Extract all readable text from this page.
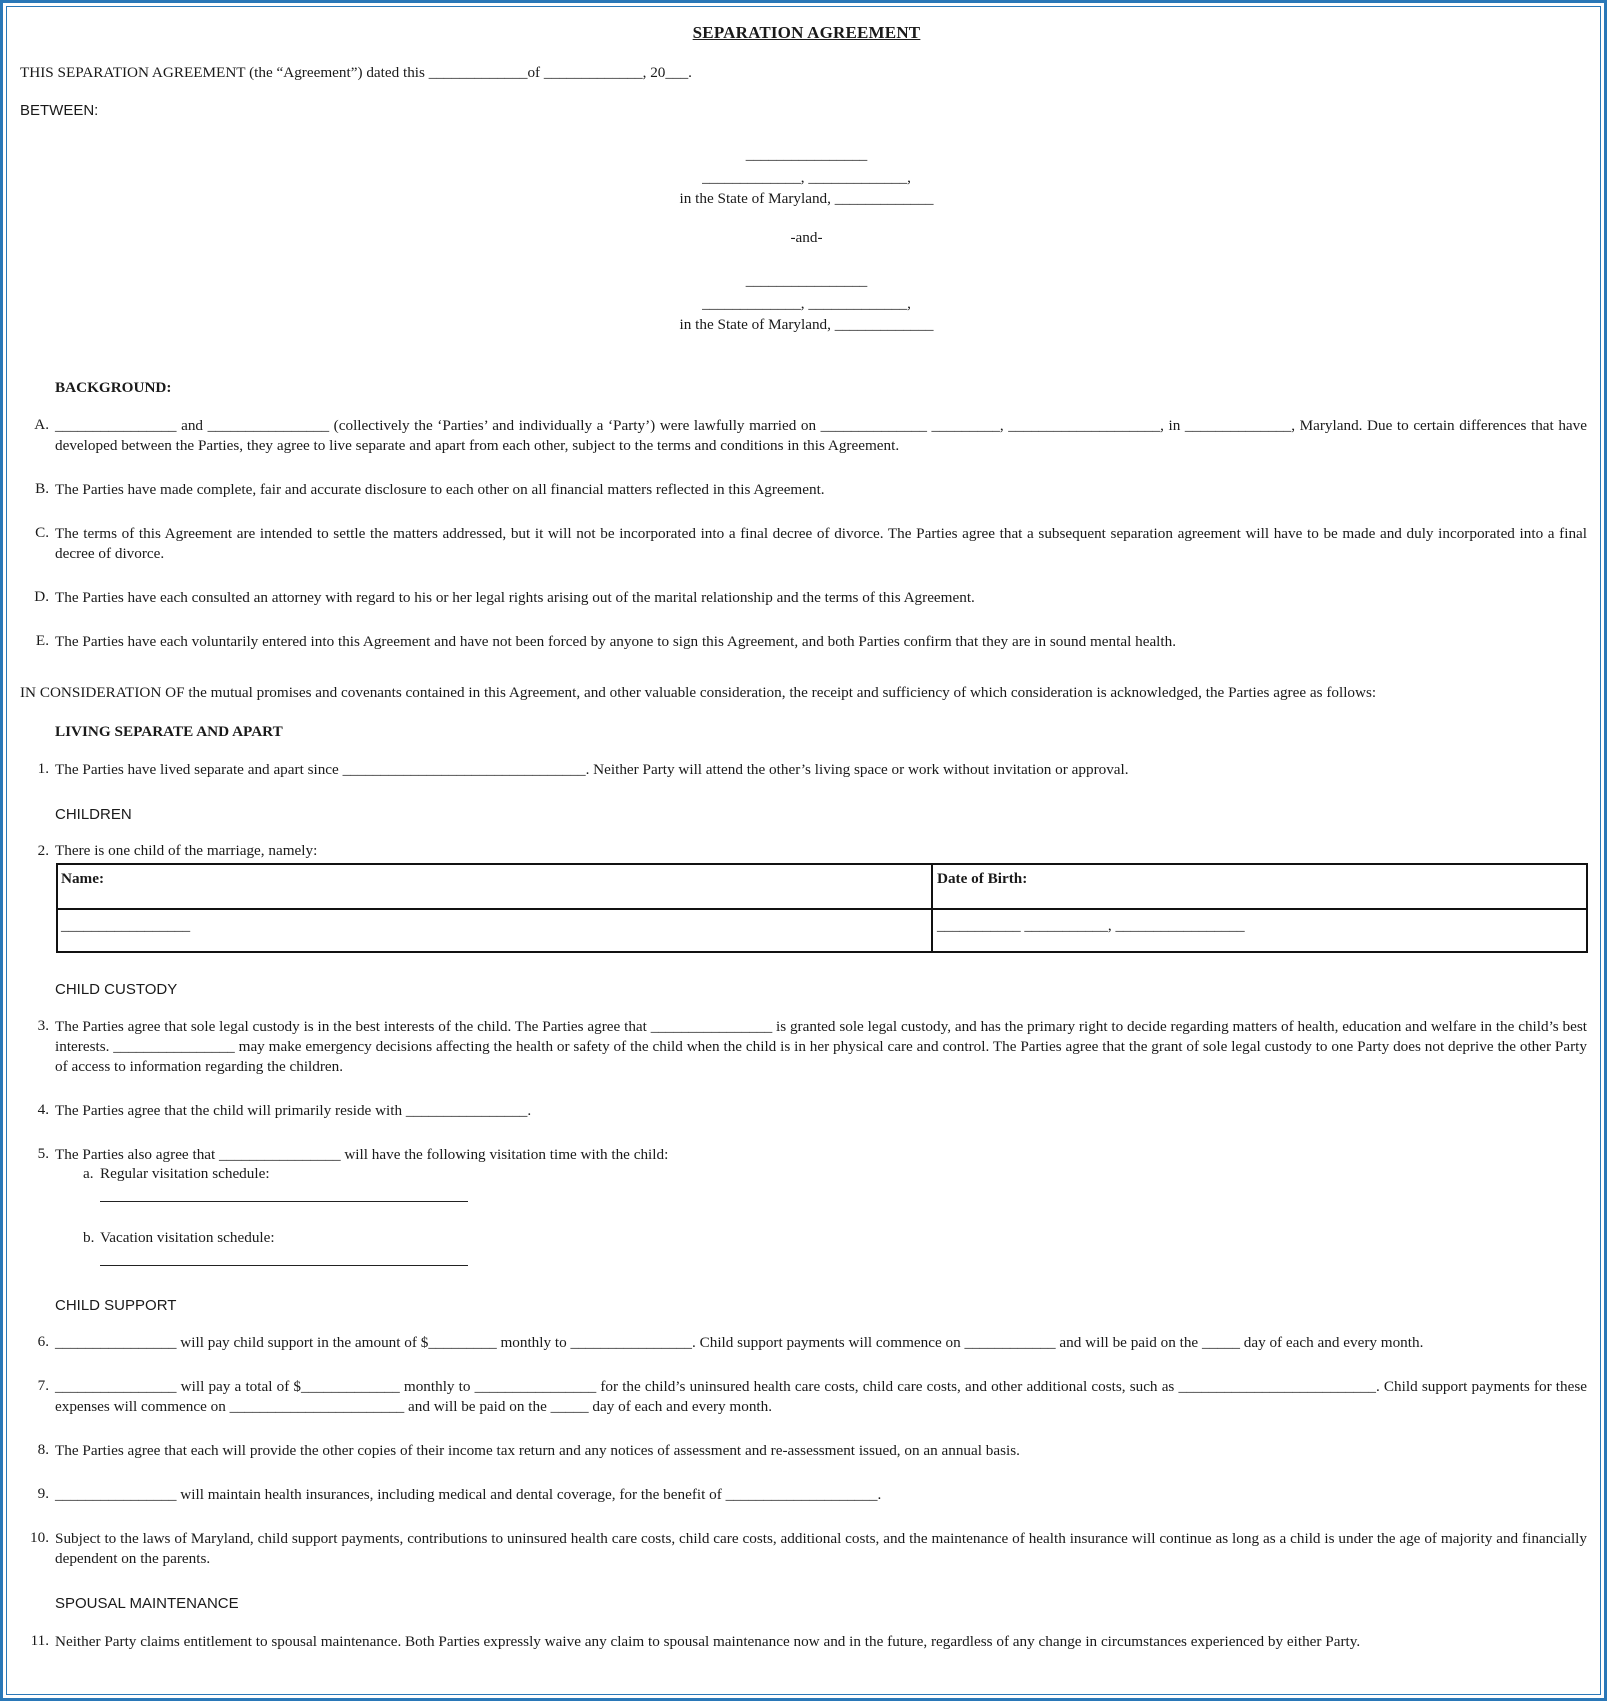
SEPARATION AGREEMENT
THIS SEPARATION AGREEMENT (the “Agreement”) dated this _____________of _____________, 20___.
BETWEEN:
________________
_____________, _____________,
in the State of Maryland, _____________
-and-
________________
_____________, _____________,
in the State of Maryland, _____________
BACKGROUND:
A. ________________ and ________________ (collectively the ‘Parties’ and individually a ‘Party’) were lawfully married on ______________ _________, ____________________, in ______________, Maryland. Due to certain differences that have developed between the Parties, they agree to live separate and apart from each other, subject to the terms and conditions in this Agreement.
B. The Parties have made complete, fair and accurate disclosure to each other on all financial matters reflected in this Agreement.
C. The terms of this Agreement are intended to settle the matters addressed, but it will not be incorporated into a final decree of divorce. The Parties agree that a subsequent separation agreement will have to be made and duly incorporated into a final decree of divorce.
D. The Parties have each consulted an attorney with regard to his or her legal rights arising out of the marital relationship and the terms of this Agreement.
E. The Parties have each voluntarily entered into this Agreement and have not been forced by anyone to sign this Agreement, and both Parties confirm that they are in sound mental health.
IN CONSIDERATION OF the mutual promises and covenants contained in this Agreement, and other valuable consideration, the receipt and sufficiency of which consideration is acknowledged, the Parties agree as follows:
LIVING SEPARATE AND APART
1. The Parties have lived separate and apart since ________________________________. Neither Party will attend the other’s living space or work without invitation or approval.
CHILDREN
2. There is one child of the marriage, namely:
Name:	Date of Birth:
_________________	___________ ___________, _________________
CHILD CUSTODY
3. The Parties agree that sole legal custody is in the best interests of the child. The Parties agree that ________________ is granted sole legal custody, and has the primary right to decide regarding matters of health, education and welfare in the child’s best interests. ________________ may make emergency decisions affecting the health or safety of the child when the child is in her physical care and control. The Parties agree that the grant of sole legal custody to one Party does not deprive the other Party of access to information regarding the children.
4. The Parties agree that the child will primarily reside with ________________.
5. The Parties also agree that ________________ will have the following visitation time with the child:
a. Regular visitation schedule:
b. Vacation visitation schedule:
CHILD SUPPORT
6. ________________ will pay child support in the amount of $_________ monthly to ________________. Child support payments will commence on ____________ and will be paid on the _____ day of each and every month.
7. ________________ will pay a total of $_____________ monthly to ________________ for the child’s uninsured health care costs, child care costs, and other additional costs, such as __________________________. Child support payments for these expenses will commence on _______________________ and will be paid on the _____ day of each and every month.
8. The Parties agree that each will provide the other copies of their income tax return and any notices of assessment and re-assessment issued, on an annual basis.
9. ________________ will maintain health insurances, including medical and dental coverage, for the benefit of ____________________.
10. Subject to the laws of Maryland, child support payments, contributions to uninsured health care costs, child care costs, additional costs, and the maintenance of health insurance will continue as long as a child is under the age of majority and financially dependent on the parents.
SPOUSAL MAINTENANCE
11. Neither Party claims entitlement to spousal maintenance. Both Parties expressly waive any claim to spousal maintenance now and in the future, regardless of any change in circumstances experienced by either Party.
